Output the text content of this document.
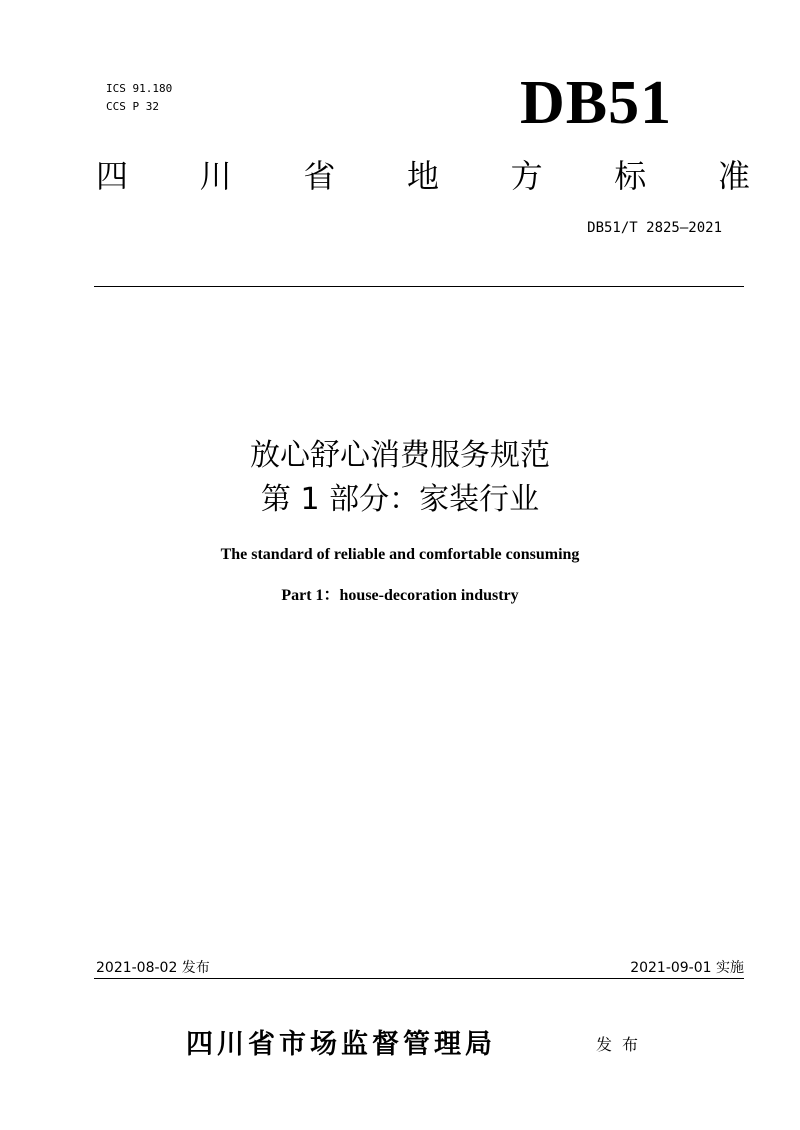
ICS 91.180
CCS P 32	DB51
四 川 省 地 方 标 准
DB51/T 2825—2021
放心舒心消费服务规范
第 1 部分：家装行业
The standard of reliable and comfortable consuming
Part 1：house-decoration industry
2021-08-02 发布	2021-09-01 实施
四川省市场监督管理局	发布
